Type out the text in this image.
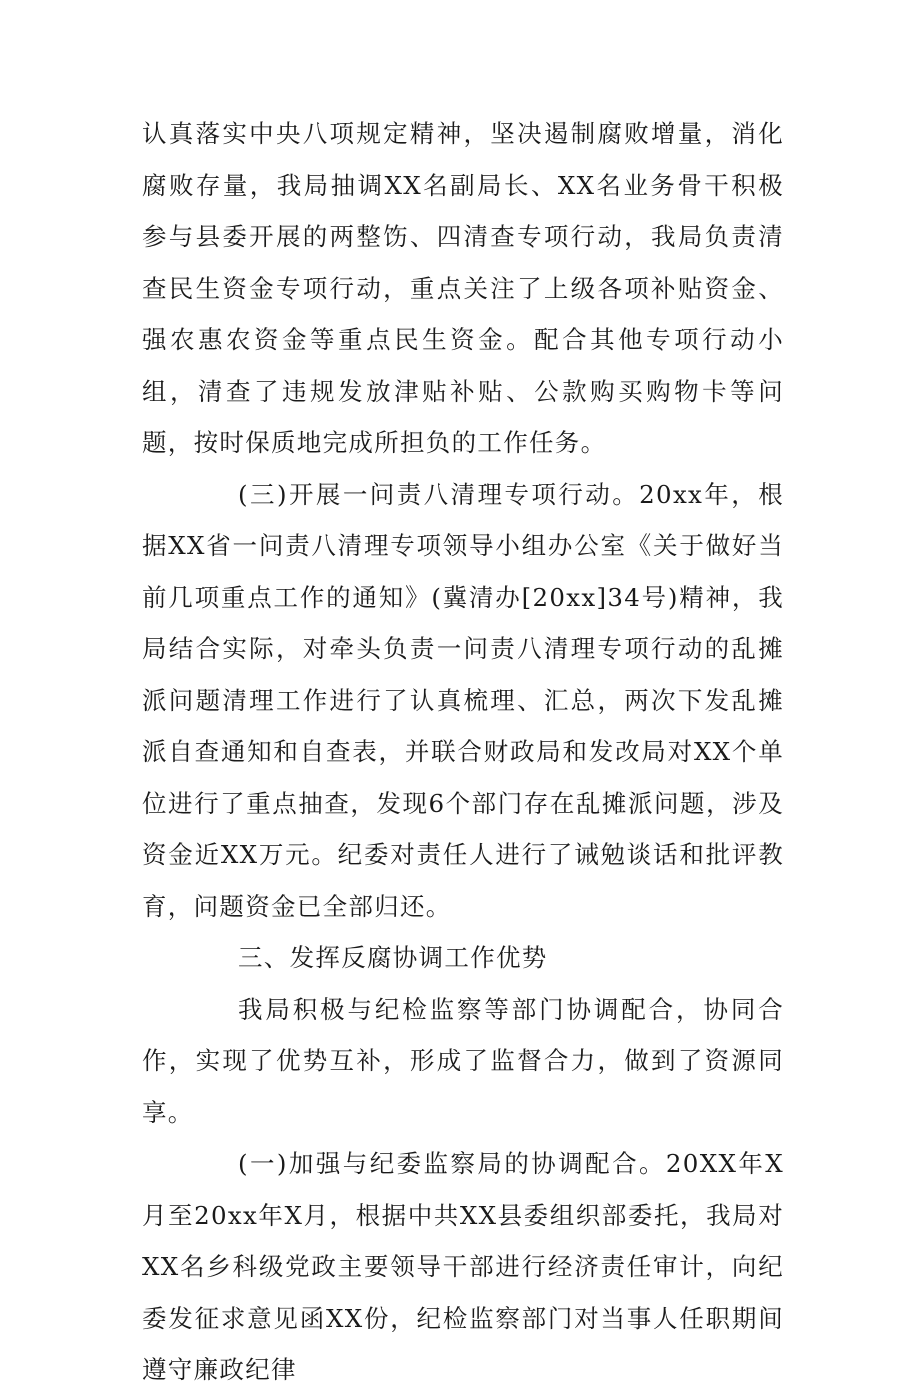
认真落实中央八项规定精神，坚决遏制腐败增量，消化腐败存量，我局抽调XX名副局长、XX名业务骨干积极参与县委开展的两整饬、四清查专项行动，我局负责清查民生资金专项行动，重点关注了上级各项补贴资金、强农惠农资金等重点民生资金。配合其他专项行动小组，清查了违规发放津贴补贴、公款购买购物卡等问题，按时保质地完成所担负的工作任务。

(三)开展一问责八清理专项行动。20xx年，根据XX省一问责八清理专项领导小组办公室《关于做好当前几项重点工作的通知》(冀清办[20xx]34号)精神，我局结合实际，对牵头负责一问责八清理专项行动的乱摊派问题清理工作进行了认真梳理、汇总，两次下发乱摊派自查通知和自查表，并联合财政局和发改局对XX个单位进行了重点抽查，发现6个部门存在乱摊派问题，涉及资金近XX万元。纪委对责任人进行了诫勉谈话和批评教育，问题资金已全部归还。

三、发挥反腐协调工作优势

我局积极与纪检监察等部门协调配合，协同合作，实现了优势互补，形成了监督合力，做到了资源同享。

(一)加强与纪委监察局的协调配合。20XX年X月至20xx年X月，根据中共XX县委组织部委托，我局对XX名乡科级党政主要领导干部进行经济责任审计，向纪委发征求意见函XX份，纪检监察部门对当事人任职期间遵守廉政纪律
